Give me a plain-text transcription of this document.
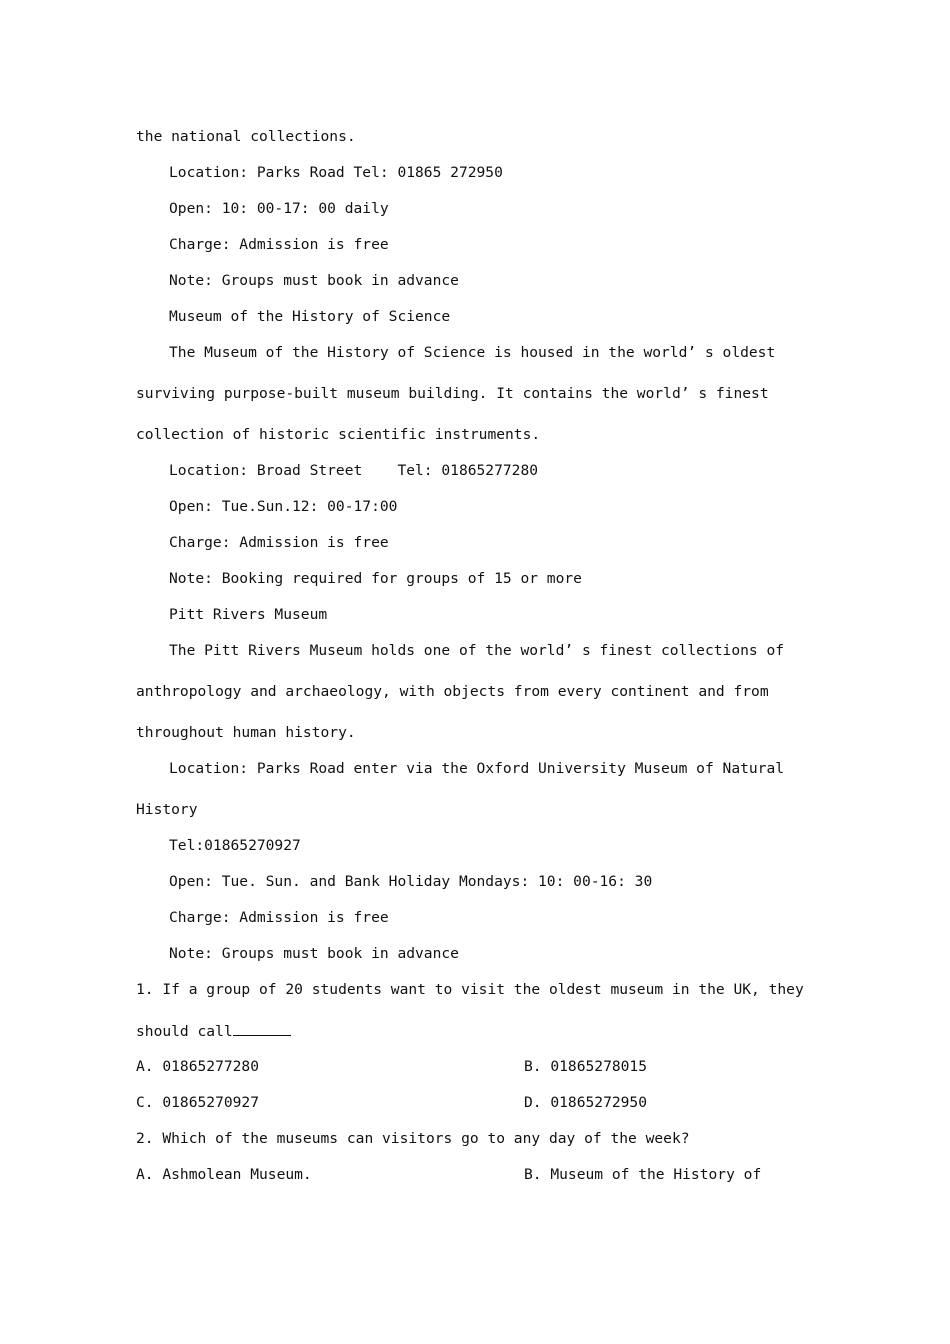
the national collections.
Location: Parks Road Tel: 01865 272950
Open: 10: 00-17: 00 daily
Charge: Admission is free
Note: Groups must book in advance
Museum of the History of Science
The Museum of the History of Science is housed in the world’ s oldest
surviving purpose-built museum building. It contains the world’ s finest
collection of historic scientific instruments.
Location: Broad Street    Tel: 01865277280
Open: Tue.Sun.12: 00-17:00
Charge: Admission is free
Note: Booking required for groups of 15 or more
Pitt Rivers Museum
The Pitt Rivers Museum holds one of the world’ s finest collections of
anthropology and archaeology, with objects from every continent and from
throughout human history.
Location: Parks Road enter via the Oxford University Museum of Natural
History
Tel:01865270927
Open: Tue. Sun. and Bank Holiday Mondays: 10: 00-16: 30
Charge: Admission is free
Note: Groups must book in advance
1. If a group of 20 students want to visit the oldest museum in the UK, they
should call
A. 01865277280	B. 01865278015
C. 01865270927	D. 01865272950
2. Which of the museums can visitors go to any day of the week?
A. Ashmolean Museum.	B. Museum of the History of
